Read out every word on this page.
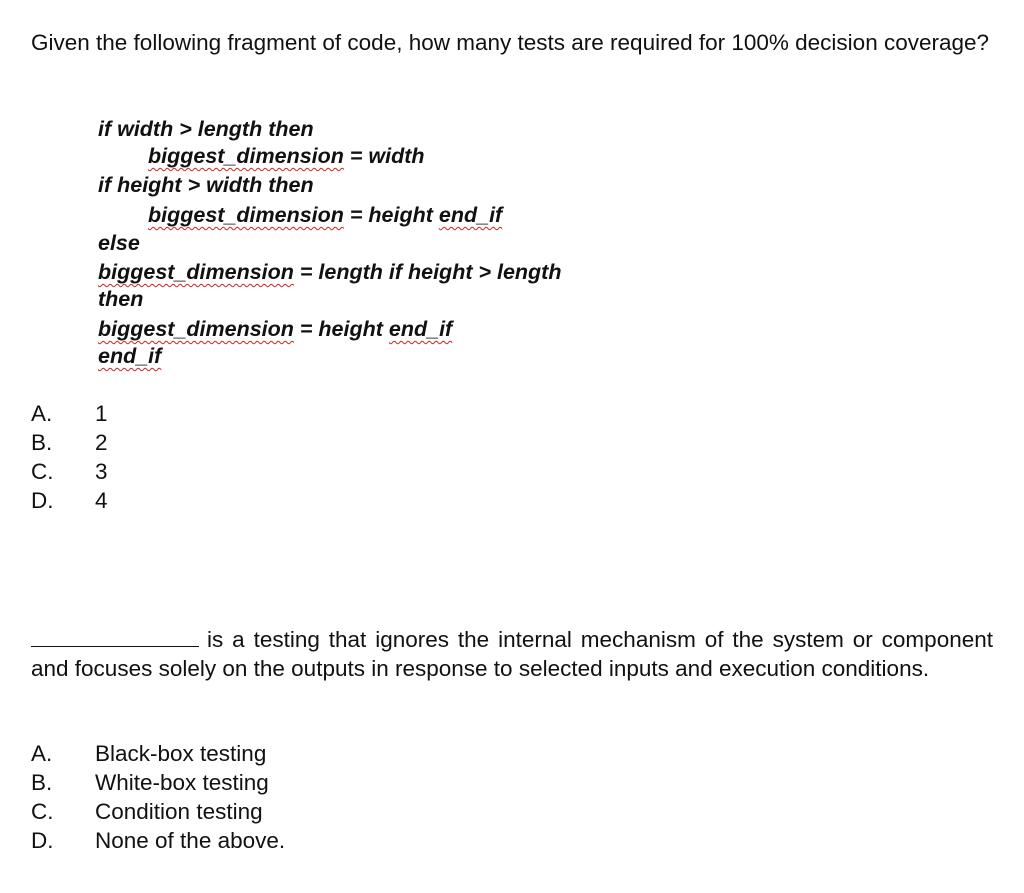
Given the following fragment of code, how many tests are required for 100% decision coverage?
if width > length then
biggest_dimension = width
if height > width then
biggest_dimension = height end_if
else
biggest_dimension = length if height > length
then
biggest_dimension = height end_if
end_if
A. 1
B. 2
C. 3
D. 4
is a testing that ignores the internal mechanism of the system or component and focuses solely on the outputs in response to selected inputs and execution conditions.
A. Black-box testing
B. White-box testing
C. Condition testing
D. None of the above.
